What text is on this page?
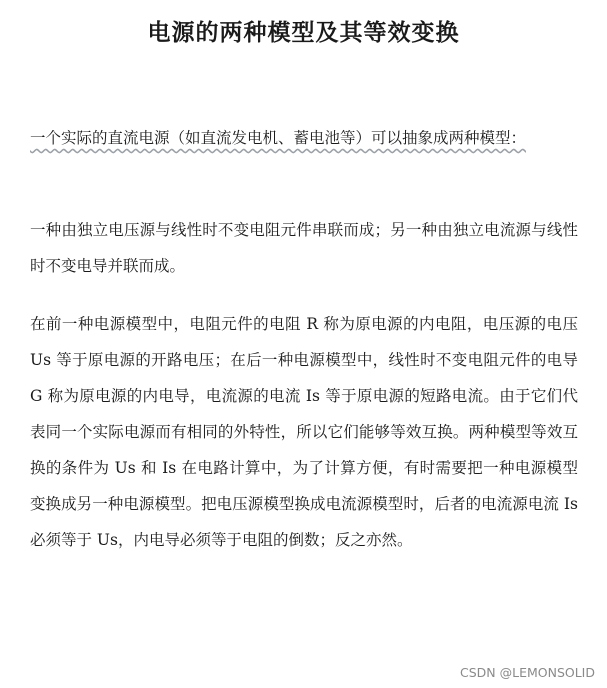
电源的两种模型及其等效变换
一个实际的直流电源（如直流发电机、蓄电池等）可以抽象成两种模型：
一种由独立电压源与线性时不变电阻元件串联而成；另一种由独立电流源与线性时不变电导并联而成。
在前一种电源模型中，电阻元件的电阻 R 称为原电源的内电阻，电压源的电压 Us 等于原电源的开路电压；在后一种电源模型中，线性时不变电阻元件的电导 G 称为原电源的内电导，电流源的电流 Is 等于原电源的短路电流。由于它们代表同一个实际电源而有相同的外特性，所以它们能够等效互换。两种模型等效互换的条件为 Us 和 Is 在电路计算中，为了计算方便，有时需要把一种电源模型变换成另一种电源模型。把电压源模型换成电流源模型时，后者的电流源电流 Is 必须等于 Us，内电导必须等于电阻的倒数；反之亦然。
CSDN @LEMONSOLID
